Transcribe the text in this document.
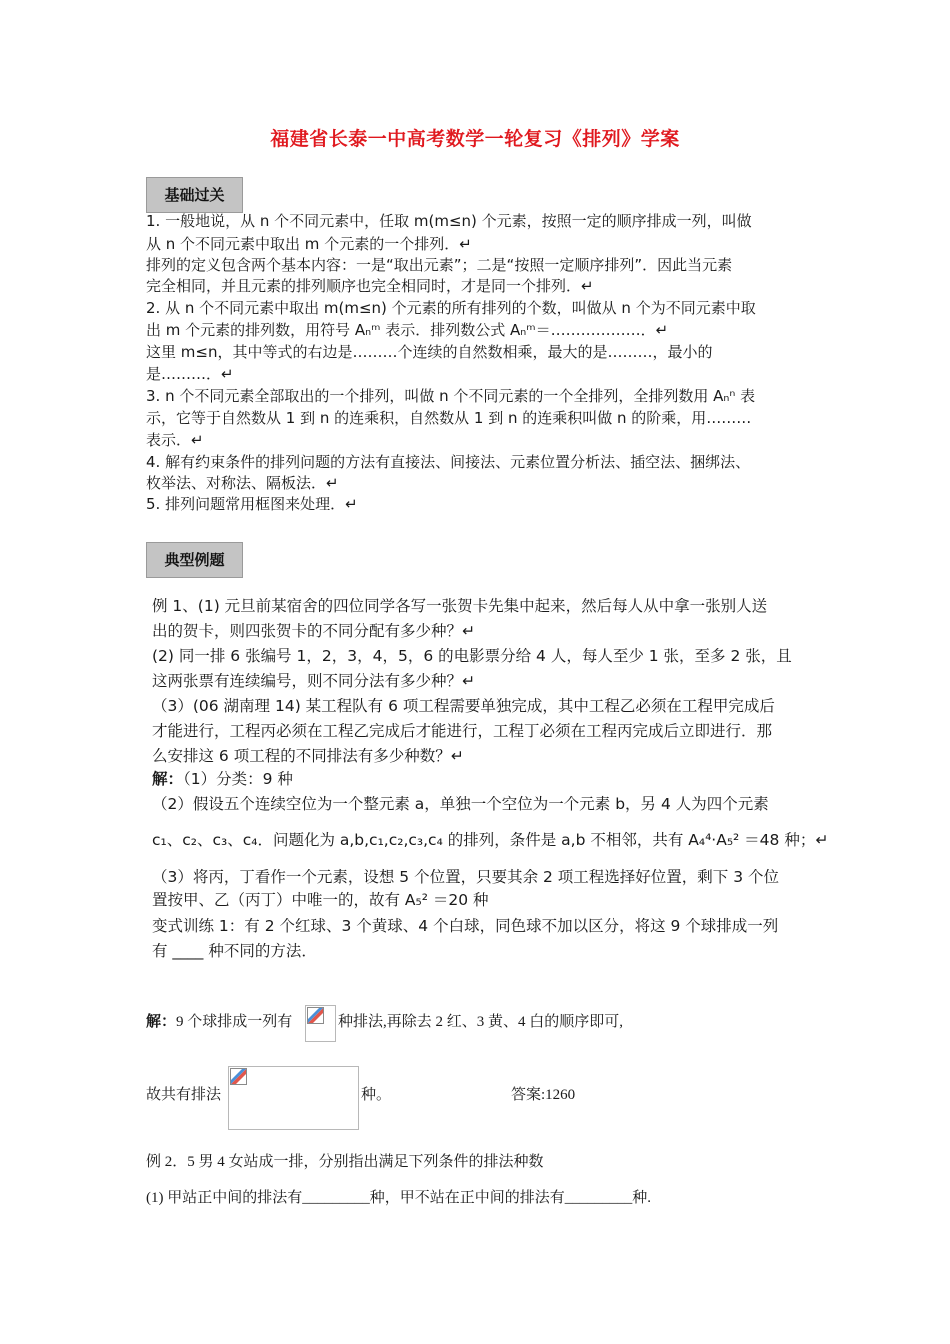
福建省长泰一中高考数学一轮复习《排列》学案
基础过关
1. 一般地说，从 n 个不同元素中，任取 m(m≤n) 个元素，按照一定的顺序排成一列，叫做
从 n 个不同元素中取出 m 个元素的一个排列．↵
排列的定义包含两个基本内容：一是“取出元素”；二是“按照一定顺序排列”．因此当元素
完全相同，并且元素的排列顺序也完全相同时，才是同一个排列．↵
2. 从 n 个不同元素中取出 m(m≤n) 个元素的所有排列的个数，叫做从 n 个为不同元素中取
出 m 个元素的排列数，用符号 Aₙᵐ 表示．排列数公式 Aₙᵐ＝………………．↵
这里 m≤n，其中等式的右边是………个连续的自然数相乘，最大的是………，最小的
是………．↵
3. n 个不同元素全部取出的一个排列，叫做 n 个不同元素的一个全排列，全排列数用 Aₙⁿ 表
示，它等于自然数从 1 到 n 的连乘积，自然数从 1 到 n 的连乘积叫做 n 的阶乘，用………
表示．↵
4. 解有约束条件的排列问题的方法有直接法、间接法、元素位置分析法、插空法、捆绑法、
枚举法、对称法、隔板法．↵
5. 排列问题常用框图来处理．↵
典型例题
例 1、(1) 元旦前某宿舍的四位同学各写一张贺卡先集中起来，然后每人从中拿一张别人送
出的贺卡，则四张贺卡的不同分配有多少种？↵
(2) 同一排 6 张编号 1，2，3，4，5，6 的电影票分给 4 人，每人至少 1 张，至多 2 张，且
这两张票有连续编号，则不同分法有多少种？↵
（3）(06 湖南理 14) 某工程队有 6 项工程需要单独完成，其中工程乙必须在工程甲完成后
才能进行，工程丙必须在工程乙完成后才能进行，工程丁必须在工程丙完成后立即进行．那
么安排这 6 项工程的不同排法有多少种数？↵
解：（1）分类：9 种
（2）假设五个连续空位为一个整元素 a，单独一个空位为一个元素 b，另 4 人为四个元素
c₁、c₂、c₃、c₄．问题化为 a,b,c₁,c₂,c₃,c₄ 的排列，条件是 a,b 不相邻，共有 A₄⁴·A₅² ＝48 种；↵
（3）将丙，丁看作一个元素，设想 5 个位置，只要其余 2 项工程选择好位置，剩下 3 个位
置按甲、乙（丙丁）中唯一的，故有 A₅² ＝20 种
变式训练 1：有 2 个红球、3 个黄球、4 个白球，同色球不加以区分，将这 9 个球排成一列
有 ____ 种不同的方法．
解：9 个球排成一列有	种排法,再除去 2 红、3 黄、4 白的顺序即可,
故共有排法	种。	答案:1260
例 2．5 男 4 女站成一排，分别指出满足下列条件的排法种数
(1) 甲站正中间的排法有_________种，甲不站在正中间的排法有_________种.
